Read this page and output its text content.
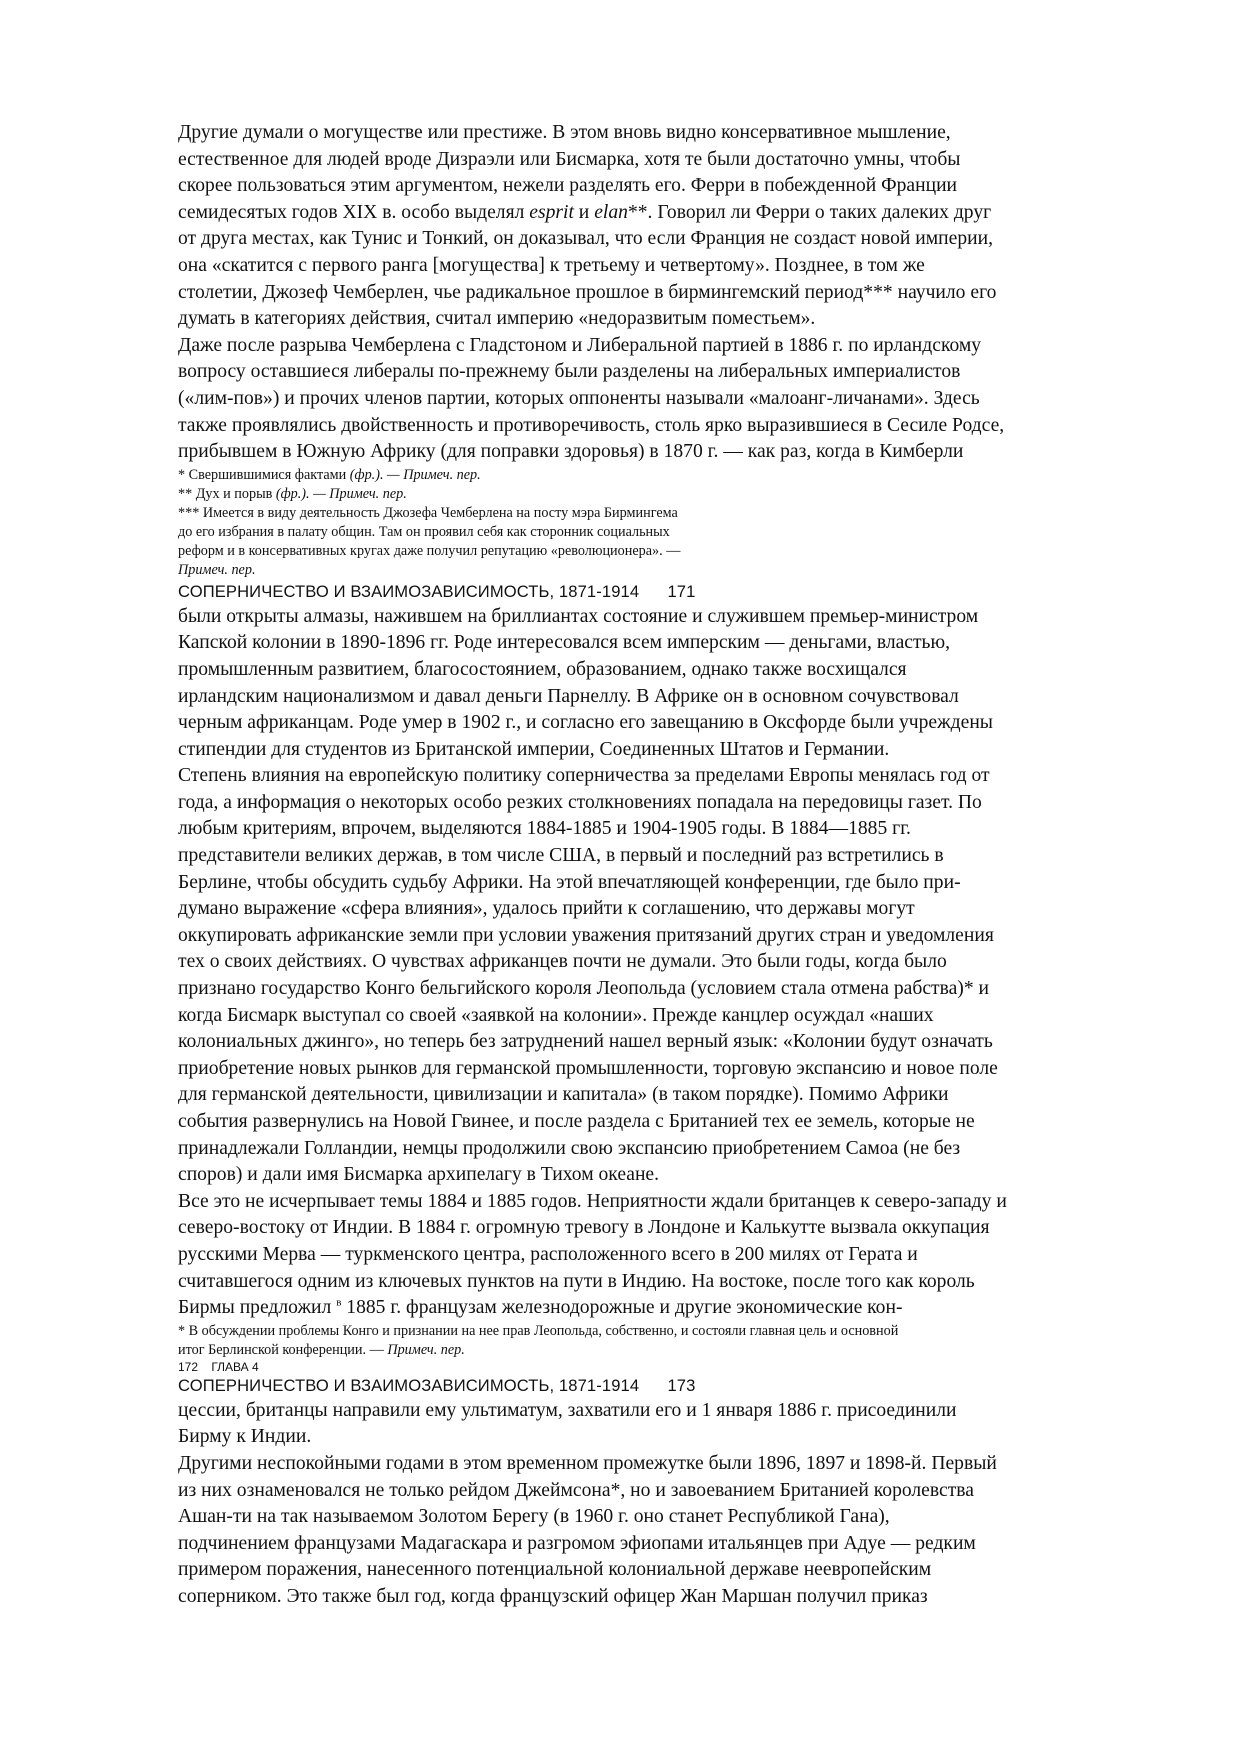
Другие думали о могуществе или престиже. В этом вновь видно консервативное мышление,
естественное для людей вроде Дизраэли или Бисмарка, хотя те были достаточно умны, чтобы
скорее пользоваться этим аргументом, нежели разделять его. Ферри в побежденной Франции
семидесятых годов XIX в. особо выделял esprit и elan**. Говорил ли Ферри о таких далеких друг
от друга местах, как Тунис и Тонкий, он доказывал, что если Франция не создаст новой империи,
она «скатится с первого ранга [могущества] к третьему и четвертому». Позднее, в том же
столетии, Джозеф Чемберлен, чье радикальное прошлое в бирмингемский период*** научило его
думать в категориях действия, считал империю «недоразвитым поместьем».

Даже после разрыва Чемберлена с Гладстоном и Либеральной партией в 1886 г. по ирландскому
вопросу оставшиеся либералы по-прежнему были разделены на либеральных империалистов
(«лим-пов») и прочих членов партии, которых оппоненты называли «малоанг-личанами». Здесь
также проявлялись двойственность и противоречивость, столь ярко выразившиеся в Сесиле Родсе,
прибывшем в Южную Африку (для поправки здоровья) в 1870 г. — как раз, когда в Кимберли

* Свершившимися фактами (фр.). — Примеч. пер.

** Дух и порыв (фр.). — Примеч. пер.

*** Имеется в виду деятельность Джозефа Чемберлена на посту мэра Бирмингема
до его избрания в палату общин. Там он проявил себя как сторонник социальных
реформ и в консервативных кругах даже получил репутацию «революционера». —
Примеч. пер.

СОПЕРНИЧЕСТВО И ВЗАИМОЗАВИСИМОСТЬ, 1871-1914      171

были открыты алмазы, нажившем на бриллиантах состояние и служившем премьер-министром
Капской колонии в 1890-1896 гг. Роде интересовался всем имперским — деньгами, властью,
промышленным развитием, благосостоянием, образованием, однако также восхищался
ирландским национализмом и давал деньги Парнеллу. В Африке он в основном сочувствовал
черным африканцам. Роде умер в 1902 г., и согласно его завещанию в Оксфорде были учреждены
стипендии для студентов из Британской империи, Соединенных Штатов и Германии.

Степень влияния на европейскую политику соперничества за пределами Европы менялась год от
года, а информация о некоторых особо резких столкновениях попадала на передовицы газет. По
любым критериям, впрочем, выделяются 1884-1885 и 1904-1905 годы. В 1884—1885 гг.
представители великих держав, в том числе США, в первый и последний раз встретились в
Берлине, чтобы обсудить судьбу Африки. На этой впечатляющей конференции, где было при-
думано выражение «сфера влияния», удалось прийти к соглашению, что державы могут
оккупировать африканские земли при условии уважения притязаний других стран и уведомления
тех о своих действиях. О чувствах африканцев почти не думали. Это были годы, когда было
признано государство Конго бельгийского короля Леопольда (условием стала отмена рабства)* и
когда Бисмарк выступал со своей «заявкой на колонии». Прежде канцлер осуждал «наших
колониальных джинго», но теперь без затруднений нашел верный язык: «Колонии будут означать
приобретение новых рынков для германской промышленности, торговую экспансию и новое поле
для германской деятельности, цивилизации и капитала» (в таком порядке). Помимо Африки
события развернулись на Новой Гвинее, и после раздела с Британией тех ее земель, которые не
принадлежали Голландии, немцы продолжили свою экспансию приобретением Самоа (не без
споров) и дали имя Бисмарка архипелагу в Тихом океане.

Все это не исчерпывает темы 1884 и 1885 годов. Неприятности ждали британцев к северо-западу и
северо-востоку от Индии. В 1884 г. огромную тревогу в Лондоне и Калькутте вызвала оккупация
русскими Мерва — туркменского центра, расположенного всего в 200 милях от Герата и
считавшегося одним из ключевых пунктов на пути в Индию. На востоке, после того как король
Бирмы предложил $^в$ 1885 г. французам железнодорожные и другие экономические кон-

* В обсуждении проблемы Конго и признании на нее прав Леопольда, собственно, и состояли главная цель и основной
итог Берлинской конференции. — Примеч. пер.

172    ГЛАВА 4

СОПЕРНИЧЕСТВО И ВЗАИМОЗАВИСИМОСТЬ, 1871-1914      173

цессии, британцы направили ему ультиматум, захватили его и 1 января 1886 г. присоединили
Бирму к Индии.

Другими неспокойными годами в этом временном промежутке были 1896, 1897 и 1898-й. Первый
из них ознаменовался не только рейдом Джеймсона*, но и завоеванием Британией королевства
Ашан-ти на так называемом Золотом Берегу (в 1960 г. оно станет Республикой Гана),
подчинением французами Мадагаскара и разгромом эфиопами итальянцев при Адуе — редким
примером поражения, нанесенного потенциальной колониальной державе неевропейским
соперником. Это также был год, когда французский офицер Жан Маршан получил приказ
